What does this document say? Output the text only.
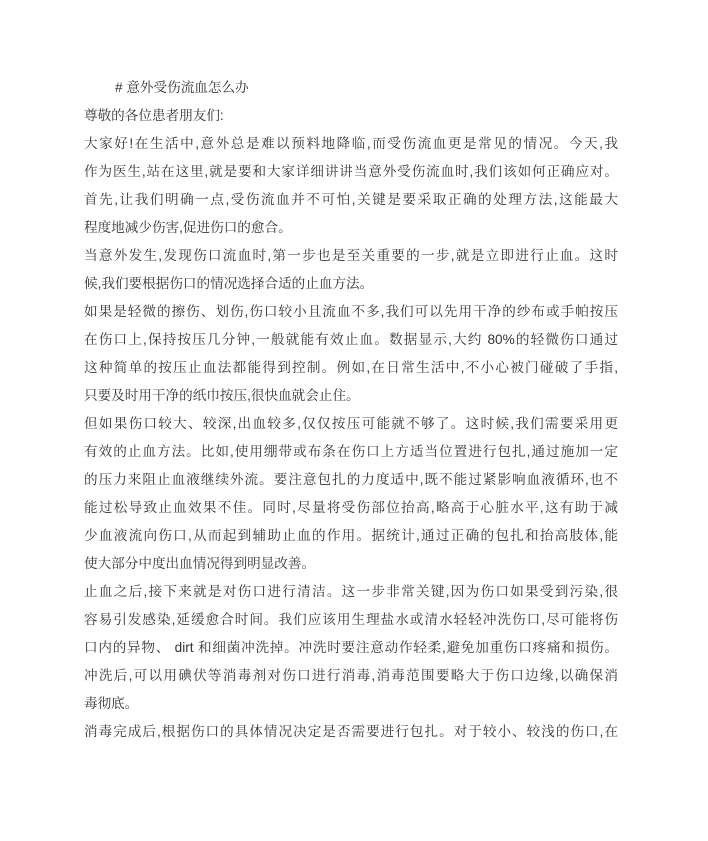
# 意外受伤流血怎么办
尊敬的各位患者朋友们:
大家好!在生活中,意外总是难以预料地降临,而受伤流血更是常见的情况。今天,我
作为医生,站在这里,就是要和大家详细讲讲当意外受伤流血时,我们该如何正确应对。
首先,让我们明确一点,受伤流血并不可怕,关键是要采取正确的处理方法,这能最大
程度地减少伤害,促进伤口的愈合。
当意外发生,发现伤口流血时,第一步也是至关重要的一步,就是立即进行止血。这时
候,我们要根据伤口的情况选择合适的止血方法。
如果是轻微的擦伤、划伤,伤口较小且流血不多,我们可以先用干净的纱布或手帕按压
在伤口上,保持按压几分钟,一般就能有效止血。数据显示,大约 80%的轻微伤口通过
这种简单的按压止血法都能得到控制。例如,在日常生活中,不小心被门碰破了手指,
只要及时用干净的纸巾按压,很快血就会止住。
但如果伤口较大、较深,出血较多,仅仅按压可能就不够了。这时候,我们需要采用更
有效的止血方法。比如,使用绷带或布条在伤口上方适当位置进行包扎,通过施加一定
的压力来阻止血液继续外流。要注意包扎的力度适中,既不能过紧影响血液循环,也不
能过松导致止血效果不佳。同时,尽量将受伤部位抬高,略高于心脏水平,这有助于减
少血液流向伤口,从而起到辅助止血的作用。据统计,通过正确的包扎和抬高肢体,能
使大部分中度出血情况得到明显改善。
止血之后,接下来就是对伤口进行清洁。这一步非常关键,因为伤口如果受到污染,很
容易引发感染,延缓愈合时间。我们应该用生理盐水或清水轻轻冲洗伤口,尽可能将伤
口内的异物、 dirt 和细菌冲洗掉。冲洗时要注意动作轻柔,避免加重伤口疼痛和损伤。
冲洗后,可以用碘伏等消毒剂对伤口进行消毒,消毒范围要略大于伤口边缘,以确保消
毒彻底。
消毒完成后,根据伤口的具体情况决定是否需要进行包扎。对于较小、较浅的伤口,在
